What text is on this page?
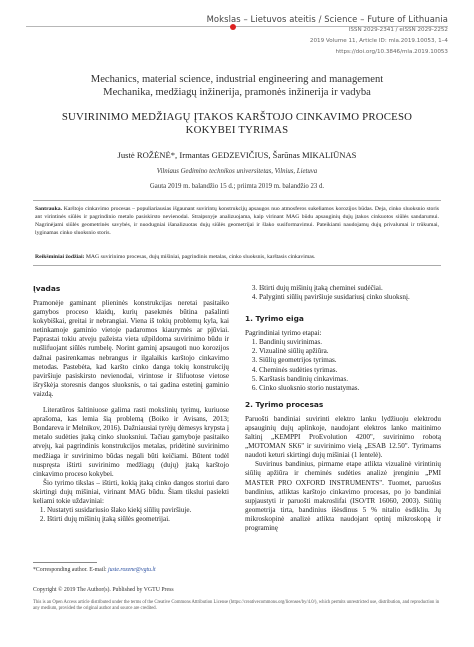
Mokslas – Lietuvos ateitis / Science – Future of Lithuania
ISSN 2029-2341 / eISSN 2029-2252
2019 Volume 11, Article ID: mla.2019.10053, 1–4
https://doi.org/10.3846/mla.2019.10053
Mechanics, material science, industrial engineering and management
Mechanika, medžiagų inžinerija, pramonės inžinerija ir vadyba
SUVIRINIMO MEDŽIAGŲ ĮTAKOS KARŠTOJO CINKAVIMO PROCESO
KOKYBEI TYRIMAS
Justė ROŽĖNĖ*, Irmantas GEDZEVIČIUS, Šarūnas MIKALIŪNAS
Vilniaus Gedimino technikos universitetas, Vilnius, Lietuva
Gauta 2019 m. balandžio 15 d.; priimta 2019 m. balandžio 23 d.
Santrauka. Karštojo cinkavimo procesas – populiariausias išgaunant suvirintų konstrukcijų apsaugos nuo atmosferos sukeliamos korozijos būdas. Deja, cinko sluoksnio storis ant virintinės siūlės ir pagrindinio metalo pasiskirsto nevienodai. Straipsnyje analizuojama, kaip virinant MAG būdu apsauginių dujų įtakos cinkuotos siūlės sandarumui. Nagrinėjami siūlės geometrinės savybės, ir nuodugniai išanalizuotas dujų siūlės geometrijai ir šlako susiformavimui. Pateikiami naudojamų dujų privalumai ir trūkumai, lyginamas cinko sluoksnio storis.
Reikšminiai žodžiai: MAG suvirinimo procesas, dujų mišiniai, pagrindinis metalas, cinko sluoksnis, karštasis cinkavimas.
Įvadas

Pramonėje gaminant plieninės konstrukcijas neretai pasitaiko gamybos proceso klaidų, kurių pasekmės būtina pašalinti kokybiškai, greitai ir nebrangiai. Viena iš tokių problemų kyla, kai netinkamoje gaminio vietoje padaromos kiaurymės ar pjūviai. Paprastai tokiu atveju pažeista vieta užpildoma suvirinimo būdu ir nušlifuojant siūlės rumbelę. Norint gaminį apsaugoti nuo korozijos dažnai pasirenkamas nebrangus ir ilgalaikis karštojo cinkavimo metodas. Pastebėta, kad karšto cinko danga tokių konstrukcijų paviršiuje pasiskirsto nevienodai, virintose ir šlifuotose vietose išryškėja storesnis dangos sluoksnis, o tai gadina estetinį gaminio vaizdą.

Literatūros šaltiniuose galima rasti mokslinių tyrimų, kuriuose aprašoma, kas lemia šią problemą (Boiko ir Avisans, 2013; Bondareva ir Melnikov, 2016). Dažniausiai tyrėjų dėmesys krypsta į metalo sudėties įtaką cinko sluoksniui. Tačiau gamyboje pasitaiko atvejų, kai pagrindinis konstrukcijos metalas, pridėtinė suvirinimo medžiaga ir suvirinimo būdas negali būti keičiami. Būtent todėl nuspręsta ištirti suvirinimo medžiagų (dujų) įtaką karštojo cinkavimo proceso kokybei.

Šio tyrimo tikslas – ištirti, kokią įtaką cinko dangos storiui daro skirtingi dujų mišiniai, virinant MAG būdu. Šiam tikslui pasiekti keliami tokie uždaviniai:

1. Nustatyti susidariusio šlako kiekį siūlių paviršiuje.
2. Ištirti dujų mišinių įtaką siūlės geometrijai.
3. Ištirti dujų mišinių įtaką cheminei sudėčiai.
4. Palyginti siūlių paviršiuje susidariusį cinko sluoksnį.
1. Tyrimo eiga

Pagrindiniai tyrimo etapai:

1. Bandinių suvirinimas.
2. Vizualinė siūlių apžiūra.
3. Siūlių geometrijos tyrimas.
4. Cheminės sudėties tyrimas.
5. Karštasis bandinių cinkavimas.
6. Cinko sluoksnio storio nustatymas.
2. Tyrimo procesas

Paruošti bandiniai suvirinti elektro lanku lydžiuoju elektrodu apsauginių dujų aplinkoje, naudojant elektros lanko maitinimo šaltinį „KEMPPI ProEvolution 4200", suvirinimo robotą „MOTOMAN SK6" ir suvirinimo vielą „ESAB 12.50". Tyrimams naudoti keturi skirtingi dujų mišiniai (1 lentelė).

Suvirinus bandinius, pirmame etape atlikta vizualinė virintinių siūlių apžiūra ir cheminės sudėties analizė įrenginiu „PMI MASTER PRO OXFORD INSTRUMENTS". Tuomet, paruošus bandinius, atliktas karštojo cinkavimo procesas, po jo bandiniai supjaustyti ir paruošti makroslifai (ISO/TR 16060, 2003). Siūlių geometrija tirta, bandinius išėsdinus 5 % nitalio ėsdikliu. Jų mikroskopinė analizė atlikta naudojant optinį mikroskopą ir programinę

*Corresponding author. E-mail: juste.rozene@vgtu.lt
Copyright © 2019 The Author(s). Published by VGTU Press
This is an Open Access article distributed under the terms of the Creative Commons Attribution License (https://creativecommons.org/licenses/by/4.0/), which permits unrestricted use, distribution, and reproduction in any medium, provided the original author and source are credited.
